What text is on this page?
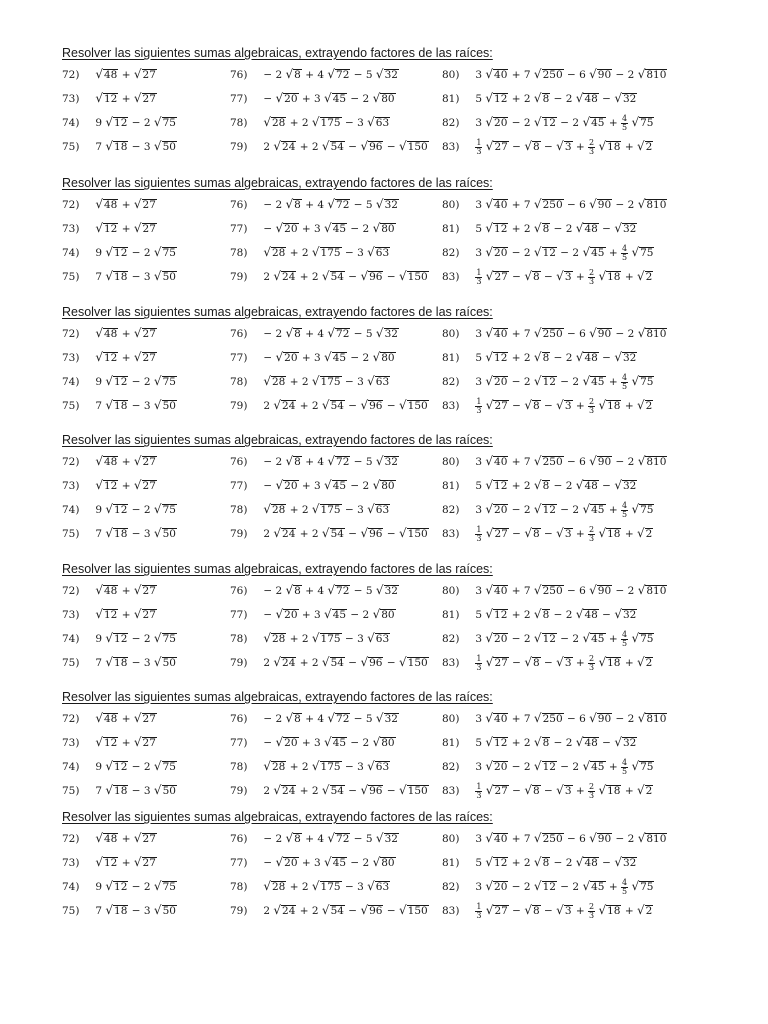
Resolver las siguientes sumas algebraicas, extrayendo factores de las raíces:
72) √48 + √27
73) √12 + √27
74) 9 √12 − 2 √75
75) 7 √18 − 3 √50
76) − 2 √8 + 4 √72 − 5 √32
77) − √20 + 3 √45 − 2 √80
78) √28 + 2 √175 − 3 √63
79) 2 √24 + 2 √54 − √96 − √150
80) 3 √40 + 7 √250 − 6 √90 − 2 √810
81) 5 √12 + 2 √8 − 2 √48 − √32
82) 3 √20 − 2 √12 − 2 $√45 + \frac{4}{5} √75$
$83) \frac{1}{3} √27 - √8 - √3 + \frac{2}{3} √18 + √2$
Resolver las siguientes sumas algebraicas, extrayendo factores de las raíces:
72) √48 + √27
73) √12 + √27
74) 9 √12 − 2 √75
75) 7 √18 − 3 √50
76) − 2 √8 + 4 √72 − 5 √32
77) − √20 + 3 √45 − 2 √80
78) √28 + 2 √175 − 3 √63
79) 2 √24 + 2 √54 − √96 − √150
80) 3 √40 + 7 √250 − 6 √90 − 2 √810
81) 5 √12 + 2 √8 − 2 √48 − √32
82) 3 √20 − 2 √12 − 2 $√45 + \frac{4}{5} √75$
$83) \frac{1}{3} √27 - √8 - √3 + \frac{2}{3} √18 + √2$
Resolver las siguientes sumas algebraicas, extrayendo factores de las raíces:
72) √48 + √27
73) √12 + √27
74) 9 √12 − 2 √75
75) 7 √18 − 3 √50
76) − 2 √8 + 4 √72 − 5 √32
77) − √20 + 3 √45 − 2 √80
78) √28 + 2 √175 − 3 √63
79) 2 √24 + 2 √54 − √96 − √150
80) 3 √40 + 7 √250 − 6 √90 − 2 √810
81) 5 √12 + 2 √8 − 2 √48 − √32
82) 3 √20 − 2 √12 − 2 $√45 + \frac{4}{5} √75$
$83) \frac{1}{3} √27 - √8 - √3 + \frac{2}{3} √18 + √2$
Resolver las siguientes sumas algebraicas, extrayendo factores de las raíces:
72) √48 + √27
73) √12 + √27
74) 9 √12 − 2 √75
75) 7 √18 − 3 √50
76) − 2 √8 + 4 √72 − 5 √32
77) − √20 + 3 √45 − 2 √80
78) √28 + 2 √175 − 3 √63
79) 2 √24 + 2 √54 − √96 − √150
80) 3 √40 + 7 √250 − 6 √90 − 2 √810
81) 5 √12 + 2 √8 − 2 √48 − √32
82) 3 √20 − 2 √12 − 2 $√45 + \frac{4}{5} √75$
$83) \frac{1}{3} √27 - √8 - √3 + \frac{2}{3} √18 + √2$
Resolver las siguientes sumas algebraicas, extrayendo factores de las raíces:
72) √48 + √27
73) √12 + √27
74) 9 √12 − 2 √75
75) 7 √18 − 3 √50
76) − 2 √8 + 4 √72 − 5 √32
77) − √20 + 3 √45 − 2 √80
78) √28 + 2 √175 − 3 √63
79) 2 √24 + 2 √54 − √96 − √150
80) 3 √40 + 7 √250 − 6 √90 − 2 √810
81) 5 √12 + 2 √8 − 2 √48 − √32
82) 3 √20 − 2 √12 − 2 $√45 + \frac{4}{5} √75$
$83) \frac{1}{3} √27 - √8 - √3 + \frac{2}{3} √18 + √2$
Resolver las siguientes sumas algebraicas, extrayendo factores de las raíces:
72) √48 + √27
73) √12 + √27
74) 9 √12 − 2 √75
75) 7 √18 − 3 √50
76) − 2 √8 + 4 √72 − 5 √32
77) − √20 + 3 √45 − 2 √80
78) √28 + 2 √175 − 3 √63
79) 2 √24 + 2 √54 − √96 − √150
80) 3 √40 + 7 √250 − 6 √90 − 2 √810
81) 5 √12 + 2 √8 − 2 √48 − √32
82) 3 √20 − 2 √12 − 2 $√45 + \frac{4}{5} √75$
$83) \frac{1}{3} √27 - √8 - √3 + \frac{2}{3} √18 + √2$
Resolver las siguientes sumas algebraicas, extrayendo factores de las raíces:
72) √48 + √27
73) √12 + √27
74) 9 √12 − 2 √75
75) 7 √18 − 3 √50
76) − 2 √8 + 4 √72 − 5 √32
77) − √20 + 3 √45 − 2 √80
78) √28 + 2 √175 − 3 √63
79) 2 √24 + 2 √54 − √96 − √150
80) 3 √40 + 7 √250 − 6 √90 − 2 √810
81) 5 √12 + 2 √8 − 2 √48 − √32
82) 3 √20 − 2 √12 − 2 $√45 + \frac{4}{5} √75$
$83) \frac{1}{3} √27 - √8 - √3 + \frac{2}{3} √18 + √2$
